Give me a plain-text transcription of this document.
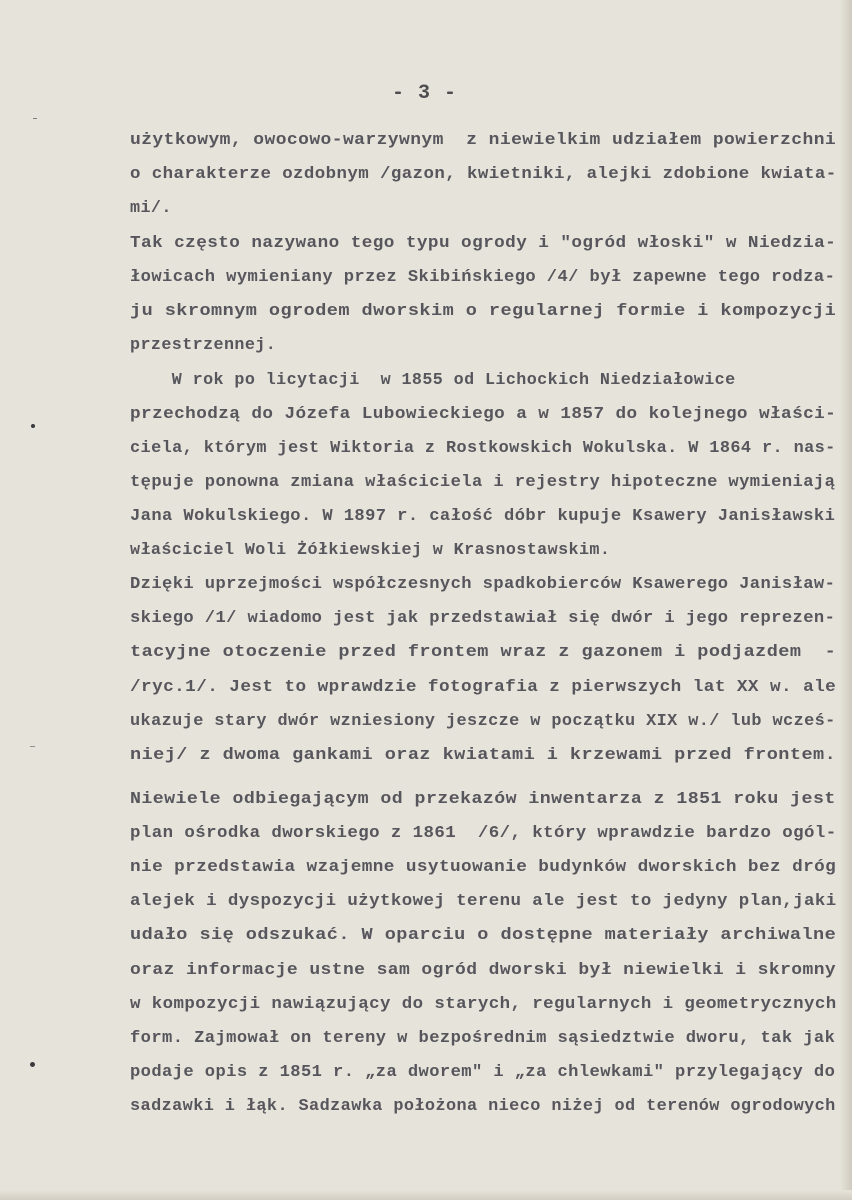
- 3 -
użytkowym, owocowo-warzywnym  z niewielkim udziałem powierzchni
o charakterze ozdobnym /gazon, kwietniki, alejki zdobione kwiata-
mi/.
Tak często nazywano tego typu ogrody i "ogród włoski" w Niedzia-
łowicach wymieniany przez Skibińskiego /4/ był zapewne tego rodza-
ju skromnym ogrodem dworskim o regularnej formie i kompozycji
przestrzennej.
W rok po licytacji  w 1855 od Lichockich Niedziałowice
przechodzą do Józefa Lubowieckiego a w 1857 do kolejnego właści-
ciela, którym jest Wiktoria z Rostkowskich Wokulska. W 1864 r. nas-
tępuje ponowna zmiana właściciela i rejestry hipoteczne wymieniają
Jana Wokulskiego. W 1897 r. całość dóbr kupuje Ksawery Janisławski
właściciel Woli Żółkiewskiej w Krasnostawskim.
Dzięki uprzejmości współczesnych spadkobierców Ksawerego Janisław-
skiego /1/ wiadomo jest jak przedstawiał się dwór i jego reprezen-
tacyjne otoczenie przed frontem wraz z gazonem i podjazdem  -
/ryc.1/. Jest to wprawdzie fotografia z pierwszych lat XX w. ale
ukazuje stary dwór wzniesiony jeszcze w początku XIX w./ lub wcześ-
niej/ z dwoma gankami oraz kwiatami i krzewami przed frontem.
Niewiele odbiegającym od przekazów inwentarza z 1851 roku jest
plan ośrodka dworskiego z 1861  /6/, który wprawdzie bardzo ogól-
nie przedstawia wzajemne usytuowanie budynków dworskich bez dróg
alejek i dyspozycji użytkowej terenu ale jest to jedyny plan,jaki
udało się odszukać. W oparciu o dostępne materiały archiwalne
oraz informacje ustne sam ogród dworski był niewielki i skromny
w kompozycji nawiązujący do starych, regularnych i geometrycznych
form. Zajmował on tereny w bezpośrednim sąsiedztwie dworu, tak jak
podaje opis z 1851 r. „za dworem" i „za chlewkami" przylegający do
sadzawki i łąk. Sadzawka położona nieco niżej od terenów ogrodowych
